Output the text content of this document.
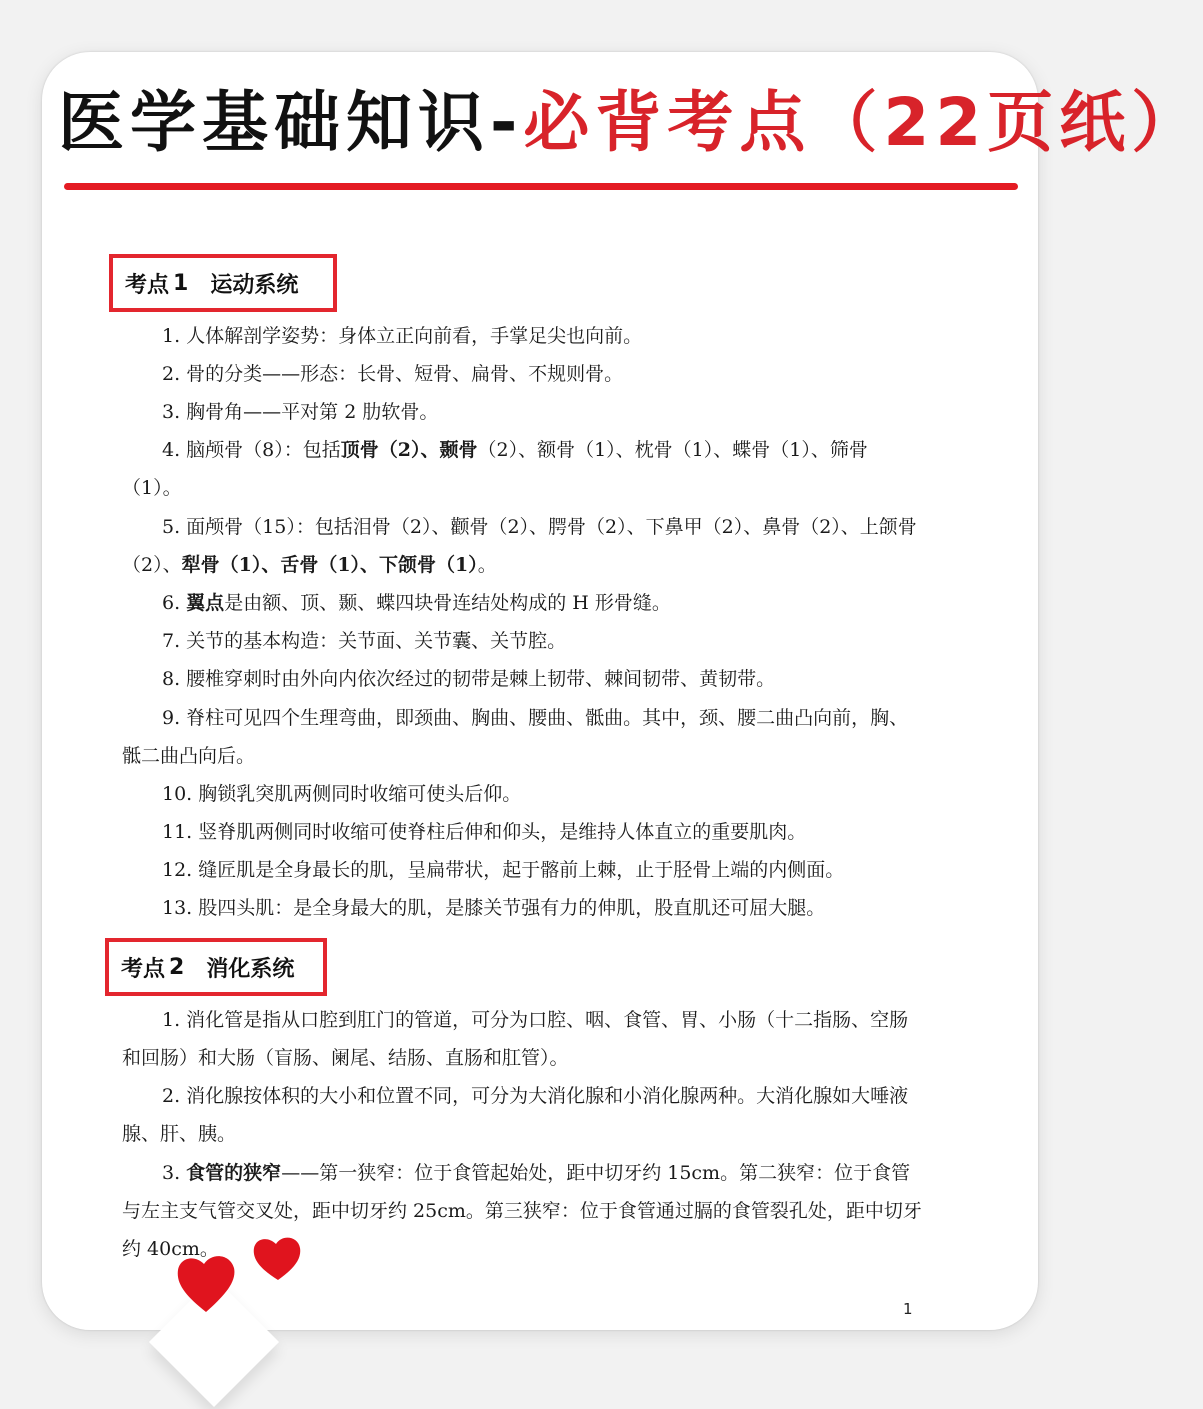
医学基础知识-必背考点（22页纸）
考点 1 运动系统

1. 人体解剖学姿势：身体立正向前看，手掌足尖也向前。

2. 骨的分类——形态：长骨、短骨、扁骨、不规则骨。

3. 胸骨角——平对第 2 肋软骨。

4. 脑颅骨（8）：包括顶骨（2）、颞骨（2）、额骨（1）、枕骨（1）、蝶骨（1）、筛骨（1）。

5. 面颅骨（15）：包括泪骨（2）、颧骨（2）、腭骨（2）、下鼻甲（2）、鼻骨（2）、上颌骨（2）、犁骨（1）、舌骨（1）、下颌骨（1）。

6. 翼点是由额、顶、颞、蝶四块骨连结处构成的 H 形骨缝。

7. 关节的基本构造：关节面、关节囊、关节腔。

8. 腰椎穿刺时由外向内依次经过的韧带是棘上韧带、棘间韧带、黄韧带。

9. 脊柱可见四个生理弯曲，即颈曲、胸曲、腰曲、骶曲。其中，颈、腰二曲凸向前，胸、骶二曲凸向后。

10. 胸锁乳突肌两侧同时收缩可使头后仰。

11. 竖脊肌两侧同时收缩可使脊柱后伸和仰头，是维持人体直立的重要肌肉。

12. 缝匠肌是全身最长的肌，呈扁带状，起于髂前上棘，止于胫骨上端的内侧面。

13. 股四头肌：是全身最大的肌，是膝关节强有力的伸肌，股直肌还可屈大腿。

考点 2 消化系统

1. 消化管是指从口腔到肛门的管道，可分为口腔、咽、食管、胃、小肠（十二指肠、空肠和回肠）和大肠（盲肠、阑尾、结肠、直肠和肛管）。

2. 消化腺按体积的大小和位置不同，可分为大消化腺和小消化腺两种。大消化腺如大唾液腺、肝、胰。

3. 食管的狭窄——第一狭窄：位于食管起始处，距中切牙约 15cm。第二狭窄：位于食管与左主支气管交叉处，距中切牙约 25cm。第三狭窄：位于食管通过膈的食管裂孔处，距中切牙约 40cm。

1
